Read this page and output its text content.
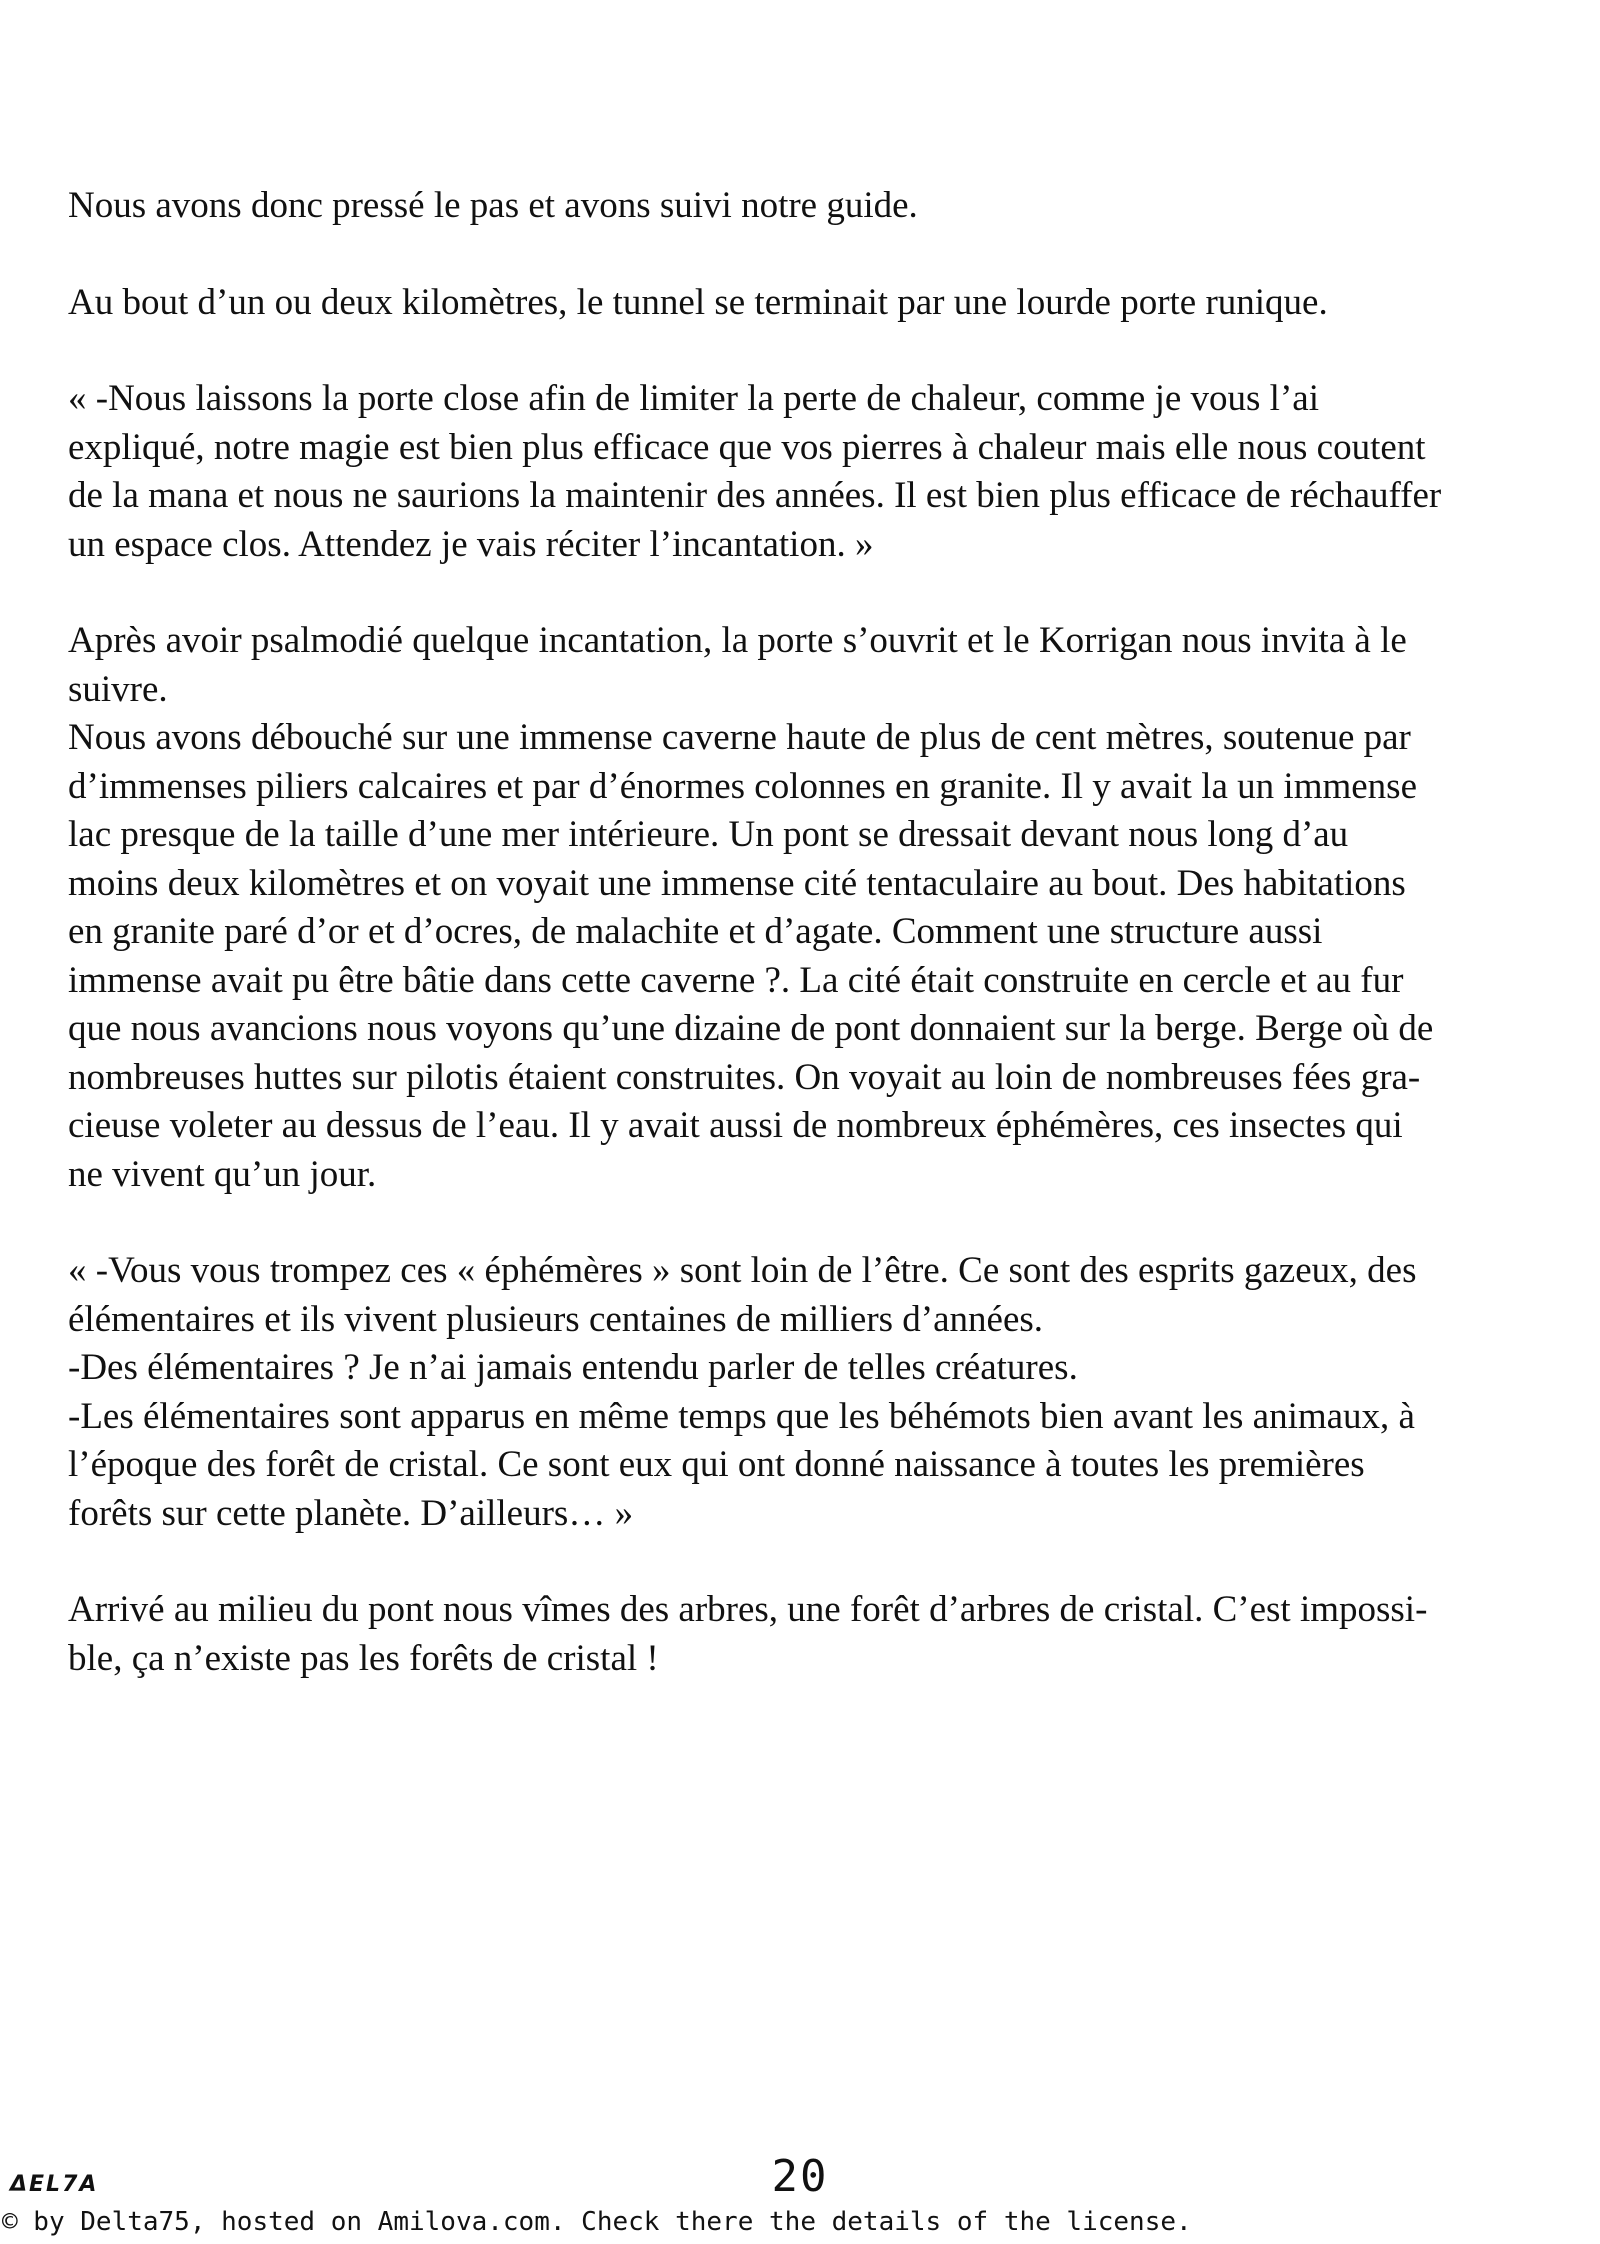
Nous avons donc pressé le pas et avons suivi notre guide.

Au bout d’un ou deux kilomètres, le tunnel se terminait par une lourde porte runique.

« -Nous laissons la porte close afin de limiter la perte de chaleur, comme je vous l’ai
expliqué, notre magie est bien plus efficace que vos pierres à chaleur mais elle nous coutent
de la mana et nous ne saurions la maintenir des années. Il est bien plus efficace de réchauffer
un espace clos. Attendez je vais réciter l’incantation. »

Après avoir psalmodié quelque incantation, la porte s’ouvrit et le Korrigan nous invita à le
suivre.
Nous avons débouché sur une immense caverne haute de plus de cent mètres, soutenue par
d’immenses piliers calcaires et par d’énormes colonnes en granite. Il y avait la un immense
lac presque de la taille d’une mer intérieure. Un pont se dressait devant nous long d’au
moins deux kilomètres et on voyait une immense cité tentaculaire au bout. Des habitations
en granite paré d’or et d’ocres, de malachite et d’agate. Comment une structure aussi
immense avait pu être bâtie dans cette caverne ?. La cité était construite en cercle et au fur
que nous avancions nous voyons qu’une dizaine de pont donnaient sur la berge. Berge où de
nombreuses huttes sur pilotis étaient construites. On voyait au loin de nombreuses fées gra-
cieuse voleter au dessus de l’eau. Il y avait aussi de nombreux éphémères, ces insectes qui
ne vivent qu’un jour.

« -Vous vous trompez ces « éphémères » sont loin de l’être. Ce sont des esprits gazeux, des
élémentaires et ils vivent plusieurs centaines de milliers d’années.
-Des élémentaires ? Je n’ai jamais entendu parler de telles créatures.
-Les élémentaires sont apparus en même temps que les béhémots bien avant les animaux, à
l’époque des forêt de cristal. Ce sont eux qui ont donné naissance à toutes les premières
forêts sur cette planète. D’ailleurs… »

Arrivé au milieu du pont nous vîmes des arbres, une forêt d’arbres de cristal. C’est impossi-
ble, ça n’existe pas les forêts de cristal !

ΔEL7A	20
© by Delta75, hosted on Amilova.com. Check there the details of the license.
